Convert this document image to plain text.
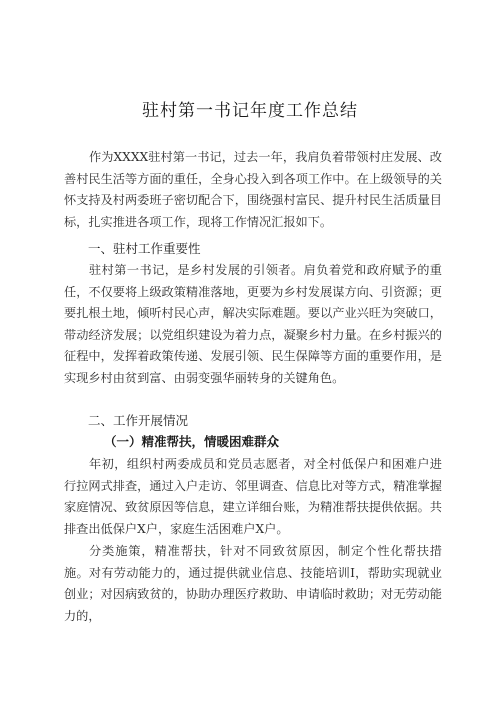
驻村第一书记年度工作总结

作为XXXX驻村第一书记，过去一年，我肩负着带领村庄发展、改善村民生活等方面的重任，全身心投入到各项工作中。在上级领导的关怀支持及村两委班子密切配合下，围绕强村富民、提升村民生活质量目标，扎实推进各项工作，现将工作情况汇报如下。

一、驻村工作重要性

驻村第一书记，是乡村发展的引领者。肩负着党和政府赋予的重任，不仅要将上级政策精准落地，更要为乡村发展谋方向、引资源；更要扎根土地，倾听村民心声，解决实际难题。要以产业兴旺为突破口，带动经济发展；以党组织建设为着力点，凝聚乡村力量。在乡村振兴的征程中，发挥着政策传递、发展引领、民生保障等方面的重要作用，是实现乡村由贫到富、由弱变强华丽转身的关键角色。

二、工作开展情况
（一）精准帮扶，情暖困难群众

年初，组织村两委成员和党员志愿者，对全村低保户和困难户进行拉网式排查，通过入户走访、邻里调查、信息比对等方式，精准掌握家庭情况、致贫原因等信息，建立详细台账，为精准帮扶提供依据。共排查出低保户X户，家庭生活困难户X户。

分类施策，精准帮扶，针对不同致贫原因，制定个性化帮扶措施。对有劳动能力的，通过提供就业信息、技能培训I，帮助实现就业创业；对因病致贫的，协助办理医疗救助、申请临时救助；对无劳动能力的，
